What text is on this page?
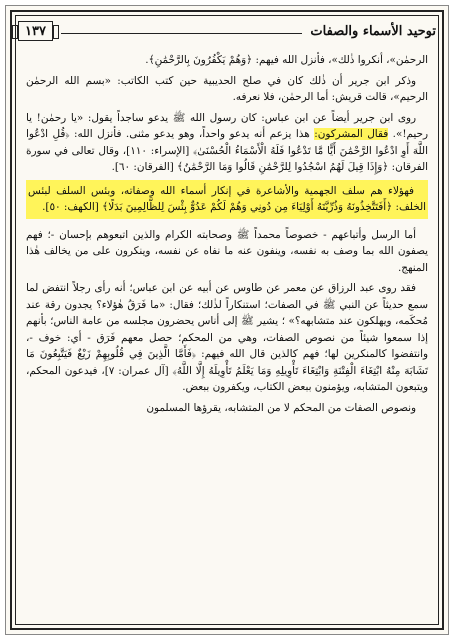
توحيد الأسماء والصفات
١٣٧

الرحمٰن»، أنكروا ذٰلك»، فأنزل الله فيهم: ﴿وَهُمْ يَكْفُرُونَ بِالرَّحْمَٰنِ﴾.

وذكر ابن جرير أن ذٰلك كان في صلح الحديبية حين كتب الكاتب: «بسم الله الرحمٰن الرحيم»، قالت قريش: أما الرحمٰن، فلا نعرفه.

روى ابن جرير أيضاً عن ابن عباس: كان رسول الله ﷺ يدعو ساجداً يقول: «يا رحمٰن! يا رحيم!». فقال المشركون: هذا يزعم أنه يدعو واحداً، وهو يدعو مثنى. فأنزل الله: ﴿قُلِ ادْعُوا اللَّهَ أَوِ ادْعُوا الرَّحْمَٰنَ أَيًّا مَّا تَدْعُوا فَلَهُ الْأَسْمَاءُ الْحُسْنَىٰ﴾ [الإسراء: ١١٠]، وقال تعالى في سورة الفرقان: ﴿وَإِذَا قِيلَ لَهُمُ اسْجُدُوا لِلرَّحْمَٰنِ قَالُوا وَمَا الرَّحْمَٰنُ﴾ [الفرقان: ٦٠].

فهؤلاء هم سلف الجهمية والأشاعرة في إنكار أسماء الله وصفاته، وبئس السلف لبئس الخلف: ﴿أَفَتَتَّخِذُونَهُ وَذُرِّيَّتَهُ أَوْلِيَاءَ مِن دُونِي وَهُمْ لَكُمْ عَدُوٌّ بِئْسَ لِلظَّالِمِينَ بَدَلًا﴾ [الكهف: ٥٠].

أما الرسل وأتباعهم - خصوصاً محمداً ﷺ وصحابته الكرام والذين اتبعوهم بإحسان -؛ فهم يصفون الله بما وصف به نفسه، وينفون عنه ما نفاه عن نفسه، وينكرون على من يخالف هٰذا المنهج.

فقد روى عبد الرزاق عن معمر عن طاوس عن أبيه عن ابن عباس؛ أنه رأى رجلاً انتفض لما سمع حديثاً عن النبي ﷺ في الصفات؛ استنكاراً لذٰلك؛ فقال: «ما فَرَقُ هٰؤلاء؟ يجدون رقة عند مُحكَمه، ويهلكون عند متشابهه؟» ؛ يشير ﷺ إلى أناس يحضرون مجلسه من عامة الناس؛ بأنهم إذا سمعوا شيئاً من نصوص الصفات، وهي من المحكم؛ حصل معهم فَرَق - أي: خوف -، وانتفضوا كالمنكرين لها؛ فهم كالذين قال الله فيهم: ﴿فَأَمَّا الَّذِينَ فِي قُلُوبِهِمْ زَيْغٌ فَيَتَّبِعُونَ مَا تَشَابَهَ مِنْهُ ابْتِغَاءَ الْفِتْنَةِ وَابْتِغَاءَ تَأْوِيلِهِ وَمَا يَعْلَمُ تَأْوِيلَهُ إِلَّا اللَّهُ﴾ [آل عمران: ٧]، فيدعون المحكم، ويتبعون المتشابه، ويؤمنون ببعض الكتاب، ويكفرون ببعض.

ونصوص الصفات من المحكم لا من المتشابه، يقرؤها المسلمون
